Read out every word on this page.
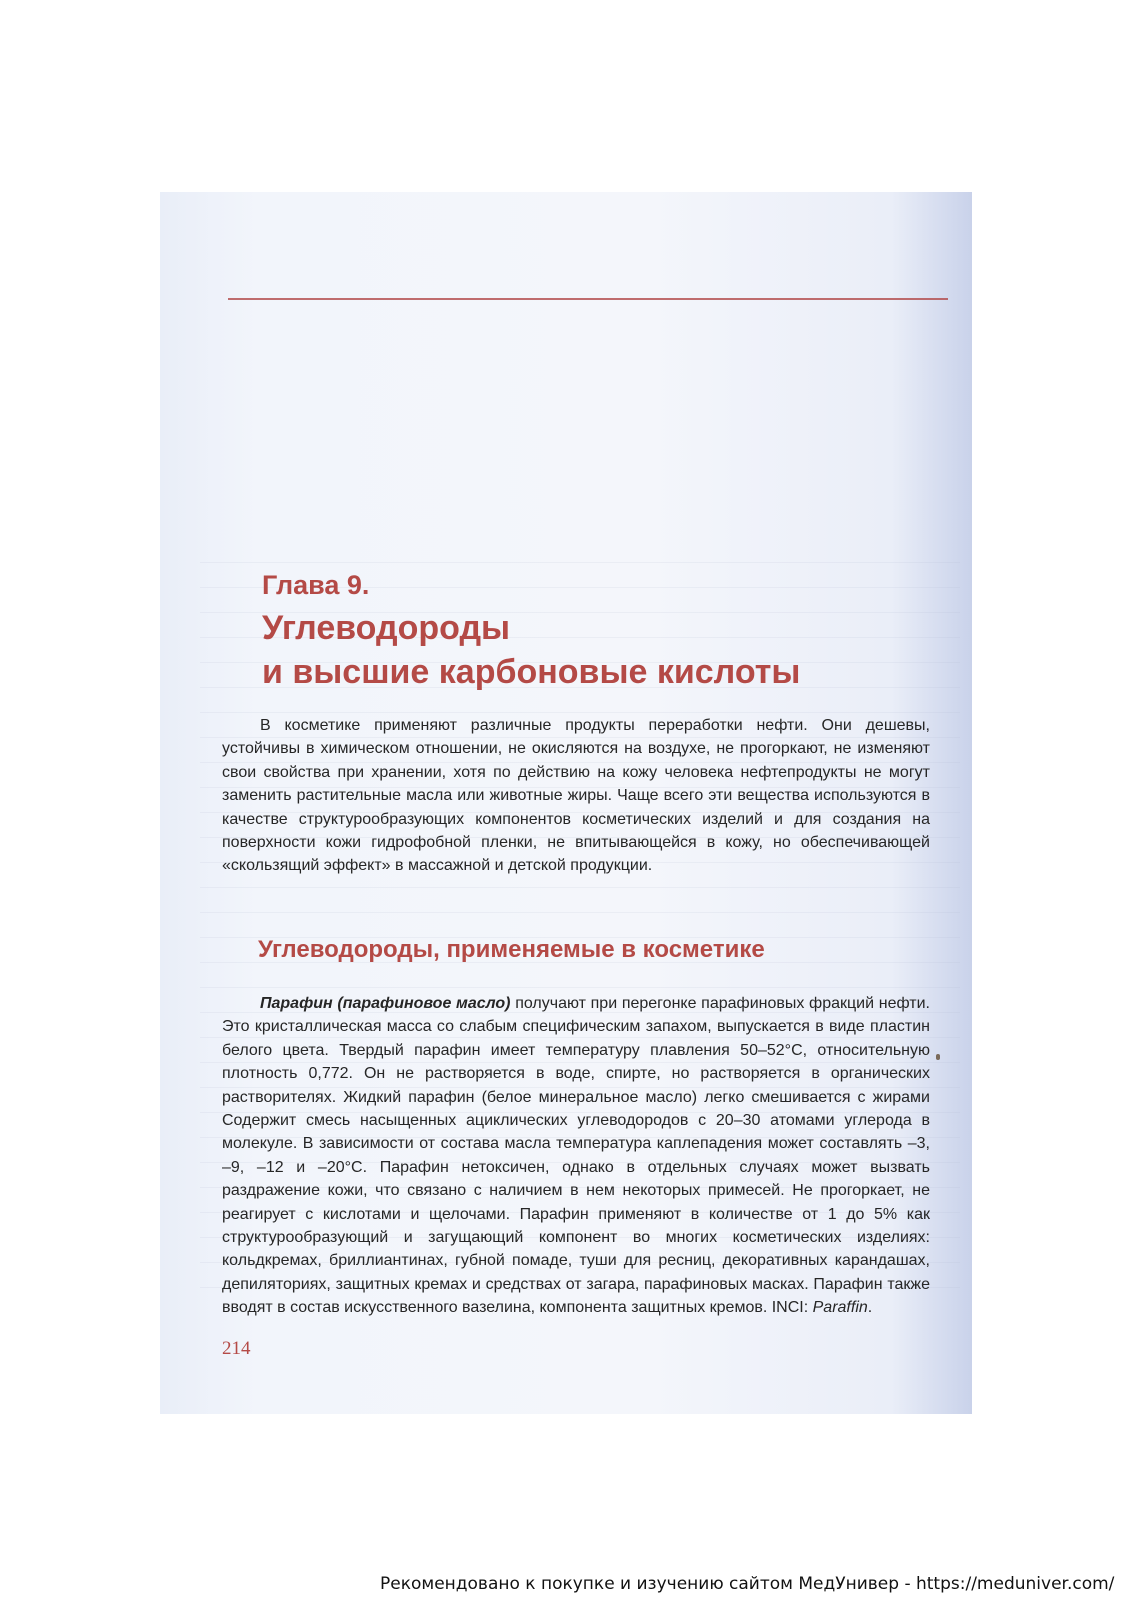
Глава 9.
Углеводороды
и высшие карбоновые кислоты

В косметике применяют различные продукты переработки нефти. Они дешевы, устойчивы в химическом отношении, не окисляются на воздухе, не прогоркают, не изменяют свои свойства при хранении, хотя по действию на кожу человека нефтепродукты не могут заменить растительные масла или животные жиры. Чаще всего эти вещества используются в качестве структурообразующих компонентов косметических изделий и для создания на поверхности кожи гидрофобной пленки, не впитывающейся в кожу, но обеспечивающей «скользящий эффект» в массажной и детской продукции.

Углеводороды, применяемые в косметике

Парафин (парафиновое масло) получают при перегонке парафиновых фракций нефти. Это кристаллическая масса со слабым специфическим запахом, выпускается в виде пластин белого цвета. Твердый парафин имеет температуру плавления 50–52°С, относительную плотность 0,772. Он не растворяется в воде, спирте, но растворяется в органических растворителях. Жидкий парафин (белое минеральное масло) легко смешивается с жирами Содержит смесь насыщенных ациклических углеводородов с 20–30 атомами углерода в молекуле. В зависимости от состава масла температура каплепадения может составлять –3, –9, –12 и –20°С. Парафин нетоксичен, однако в отдельных случаях может вызвать раздражение кожи, что связано с наличием в нем некоторых примесей. Не прогоркает, не реагирует с кислотами и щелочами. Парафин применяют в количестве от 1 до 5% как структурообразующий и загущающий компонент во многих косметических изделиях: кольдкремах, бриллиантинах, губной помаде, туши для ресниц, декоративных карандашах, депиляториях, защитных кремах и средствах от загара, парафиновых масках. Парафин также вводят в состав искусственного вазелина, компонента защитных кремов. INCI: Paraffin.

214
Рекомендовано к покупке и изучению сайтом МедУнивер - https://meduniver.com/
